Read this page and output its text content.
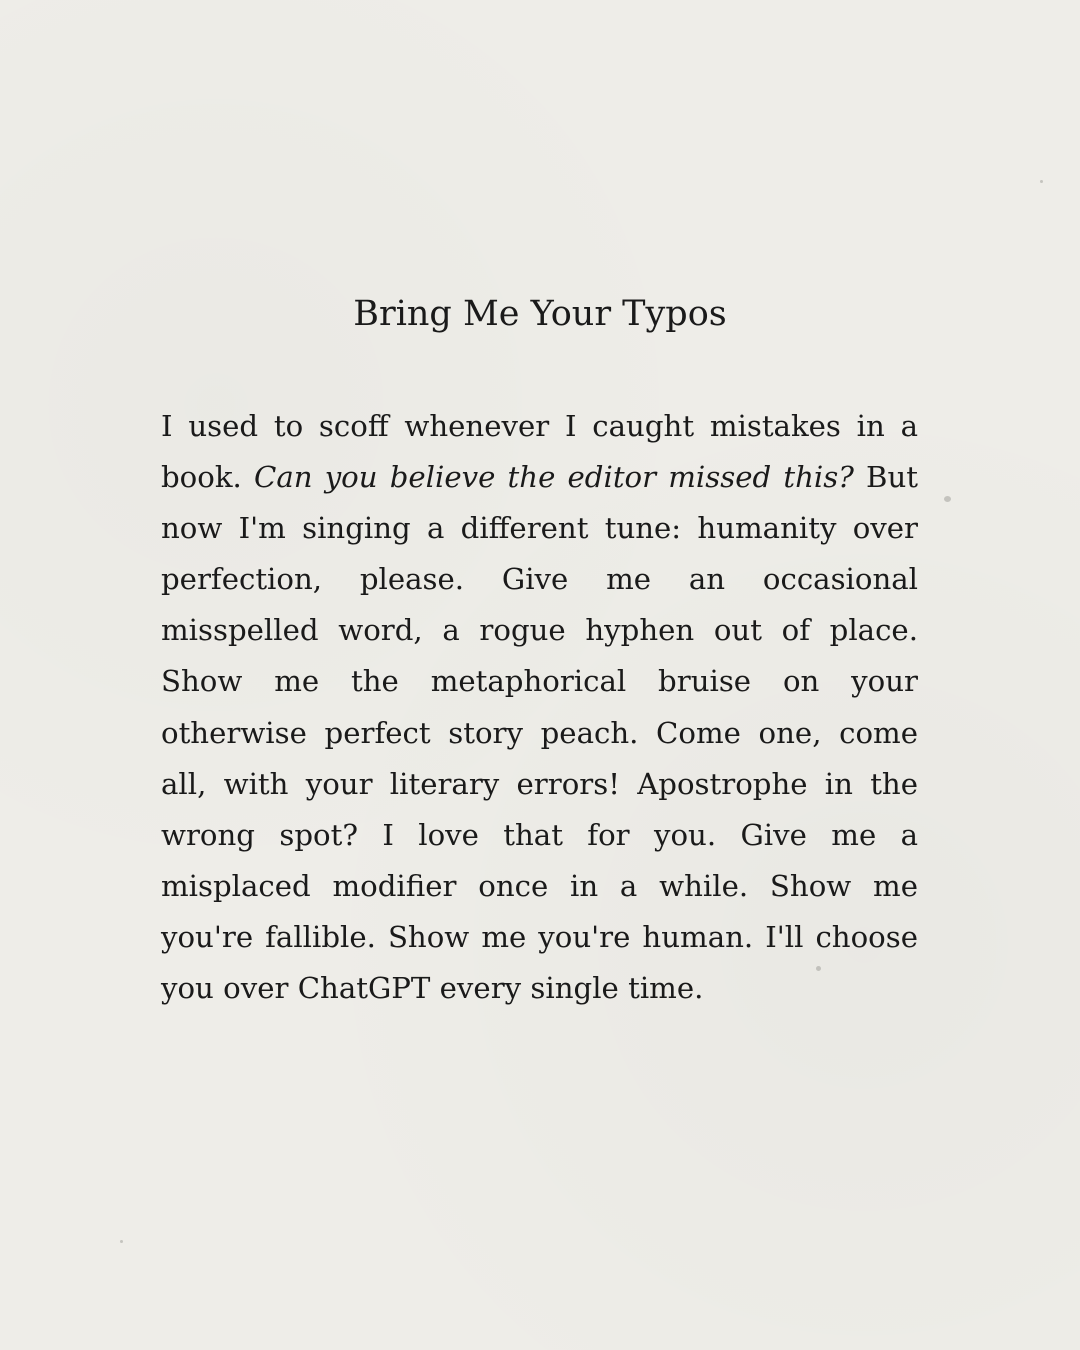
Bring Me Your Typos

I used to scoff whenever I caught mistakes in a book. Can you believe the editor missed this? But now I'm singing a different tune: humanity over perfection, please. Give me an occasional misspelled word, a rogue hyphen out of place. Show me the metaphorical bruise on your otherwise perfect story peach. Come one, come all, with your literary errors! Apostrophe in the wrong spot? I love that for you. Give me a misplaced modifier once in a while. Show me you're fallible. Show me you're human. I'll choose you over ChatGPT every single time.
